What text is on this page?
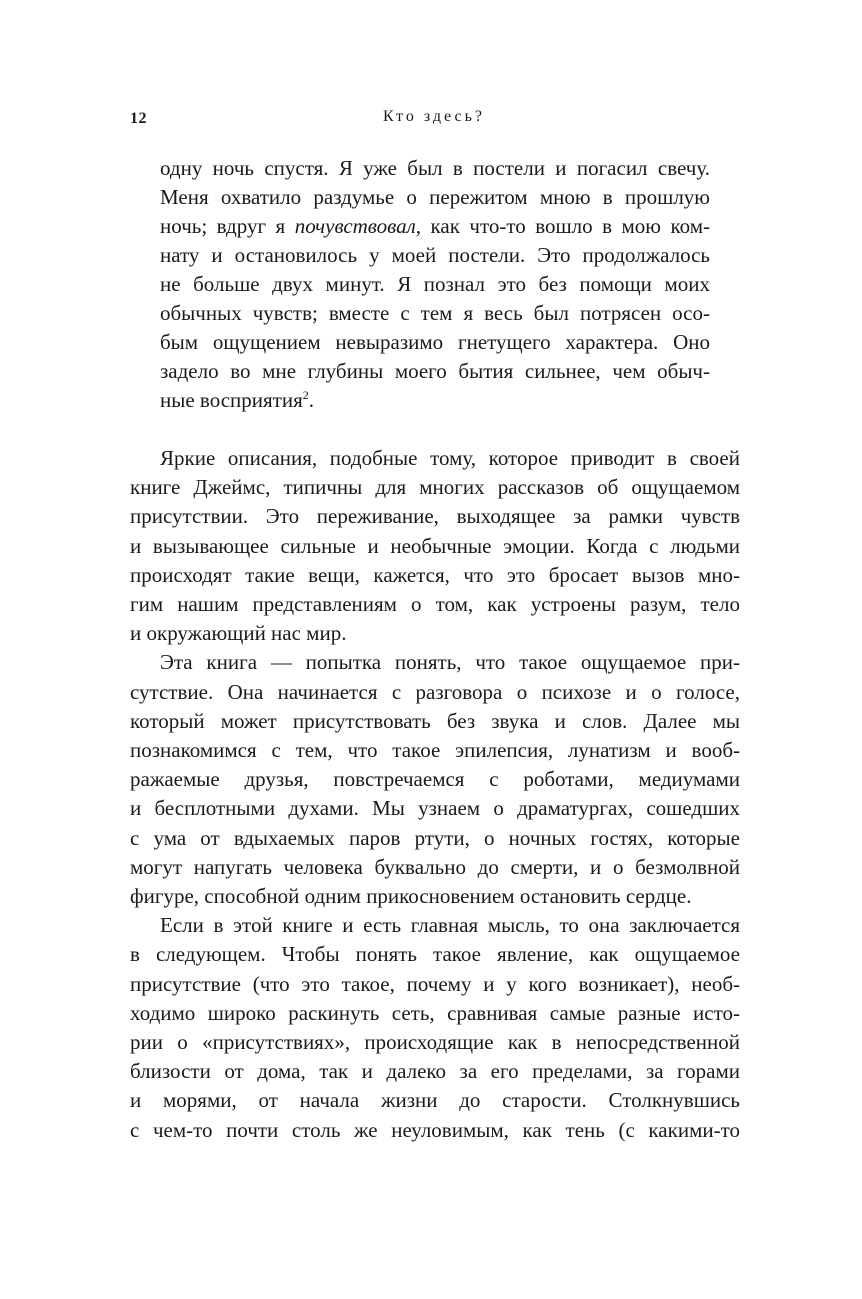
12	Кто здесь?
одну ночь спустя. Я уже был в постели и погасил свечу.
Меня охватило раздумье о пережитом мною в прошлую
ночь; вдруг я почувствовал, как что-то вошло в мою ком-
нату и остановилось у моей постели. Это продолжалось
не больше двух минут. Я познал это без помощи моих
обычных чувств; вместе с тем я весь был потрясен осо-
бым ощущением невыразимо гнетущего характера. Оно
задело во мне глубины моего бытия сильнее, чем обыч-
ные восприятия$^2$.
Яркие описания, подобные тому, которое приводит в своей
книге Джеймс, типичны для многих рассказов об ощущаемом
присутствии. Это переживание, выходящее за рамки чувств
и вызывающее сильные и необычные эмоции. Когда с людьми
происходят такие вещи, кажется, что это бросает вызов мно-
гим нашим представлениям о том, как устроены разум, тело
и окружающий нас мир.
Эта книга — попытка понять, что такое ощущаемое при-
сутствие. Она начинается с разговора о психозе и о голосе,
который может присутствовать без звука и слов. Далее мы
познакомимся с тем, что такое эпилепсия, лунатизм и вооб-
ражаемые друзья, повстречаемся с роботами, медиумами
и бесплотными духами. Мы узнаем о драматургах, сошедших
с ума от вдыхаемых паров ртути, о ночных гостях, которые
могут напугать человека буквально до смерти, и о безмолвной
фигуре, способной одним прикосновением остановить сердце.
Если в этой книге и есть главная мысль, то она заключается
в следующем. Чтобы понять такое явление, как ощущаемое
присутствие (что это такое, почему и у кого возникает), необ-
ходимо широко раскинуть сеть, сравнивая самые разные исто-
рии о «присутствиях», происходящие как в непосредственной
близости от дома, так и далеко за его пределами, за горами
и морями, от начала жизни до старости. Столкнувшись
с чем-то почти столь же неуловимым, как тень (с какими-то
